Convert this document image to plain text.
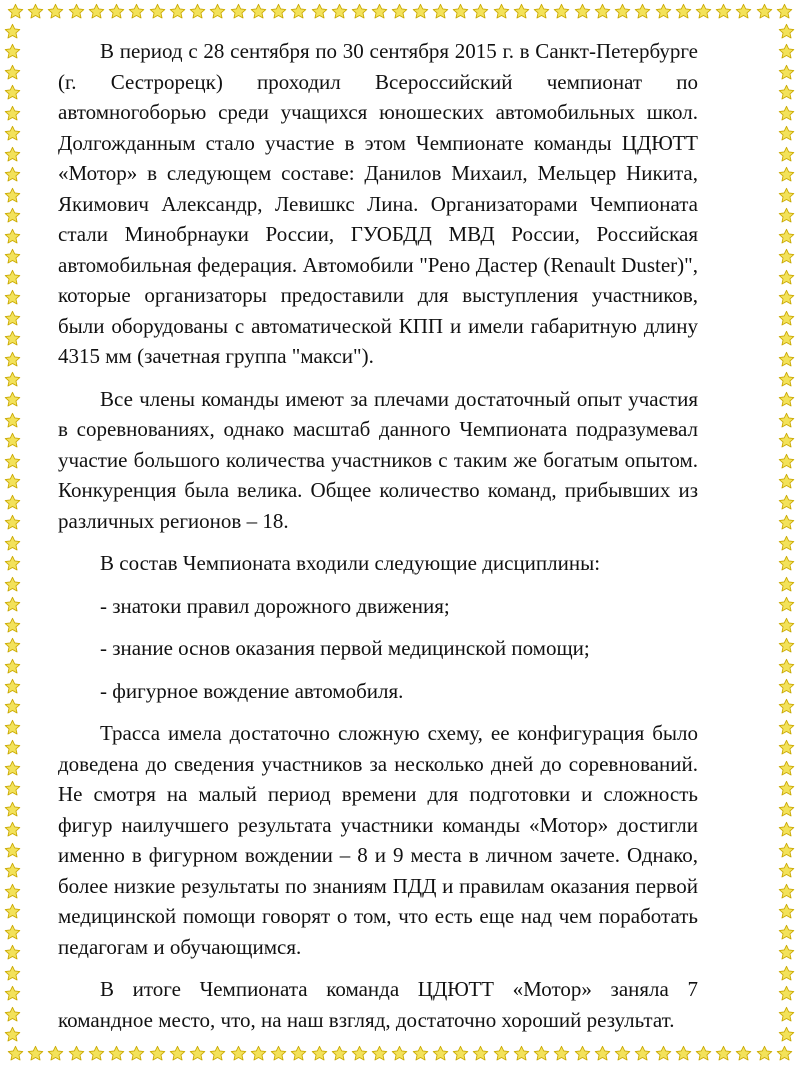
В период с 28 сентября по 30 сентября 2015 г. в Санкт-Петербурге (г. Сестрорецк) проходил Всероссийский чемпионат по автомногоборью среди учащихся юношеских автомобильных школ. Долгожданным стало участие в этом Чемпионате команды ЦДЮТТ «Мотор» в следующем составе: Данилов Михаил, Мельцер Никита, Якимович Александр, Левишкс Лина. Организаторами Чемпионата стали Минобрнауки России, ГУОБДД МВД России, Российская автомобильная федерация. Автомобили "Рено Дастер (Renault Duster)", которые организаторы предоставили для выступления участников, были оборудованы с автоматической КПП и имели габаритную длину 4315 мм (зачетная группа "макси").

Все члены команды имеют за плечами достаточный опыт участия в соревнованиях, однако масштаб данного Чемпионата подразумевал участие большого количества участников с таким же богатым опытом. Конкуренция была велика. Общее количество команд, прибывших из различных регионов – 18.

В состав Чемпионата входили следующие дисциплины:

- знатоки правил дорожного движения;

- знание основ оказания первой медицинской помощи;

- фигурное вождение автомобиля.

Трасса имела достаточно сложную схему, ее конфигурация было доведена до сведения участников за несколько дней до соревнований. Не смотря на малый период времени для подготовки и сложность фигур наилучшего результата участники команды «Мотор» достигли именно в фигурном вождении – 8 и 9 места в личном зачете. Однако, более низкие результаты по знаниям ПДД и правилам оказания первой медицинской помощи говорят о том, что есть еще над чем поработать педагогам и обучающимся.

В итоге Чемпионата команда ЦДЮТТ «Мотор» заняла 7 командное место, что, на наш взгляд, достаточно хороший результат.
